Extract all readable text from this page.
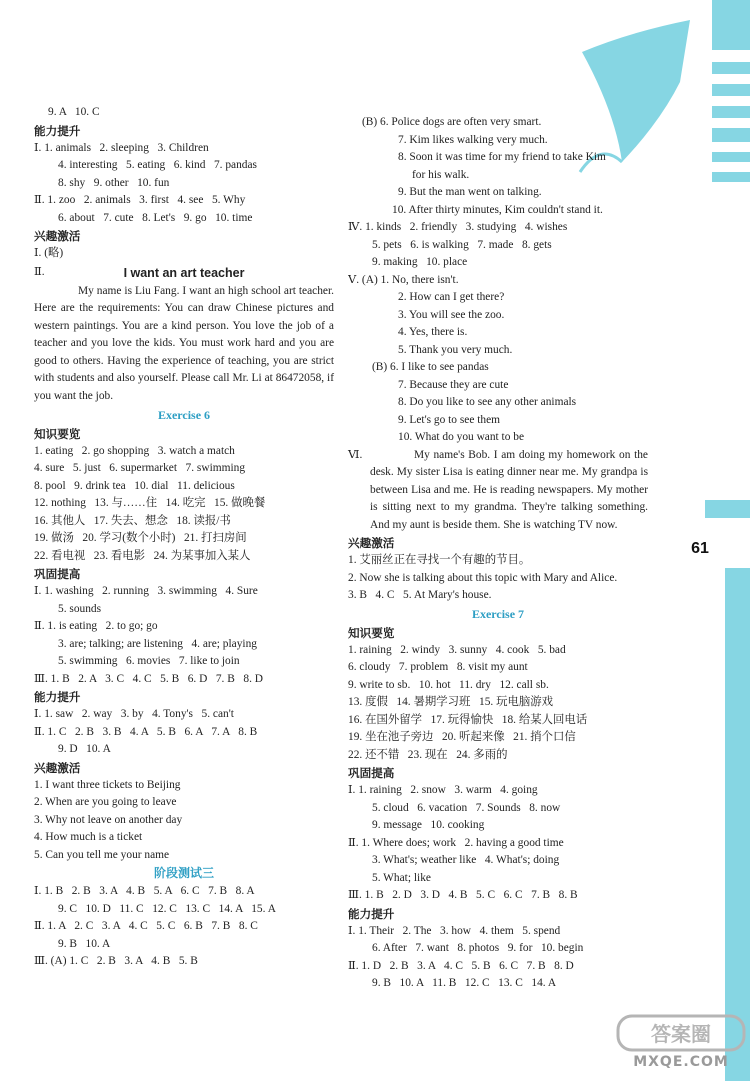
61
9. A   10. C
能力提升
Ⅰ. 1. animals   2. sleeping   3. Children
4. interesting   5. eating   6. kind   7. pandas
8. shy   9. other   10. fun
Ⅱ. 1. zoo   2. animals   3. first   4. see   5. Why
6. about   7. cute   8. Let's   9. go   10. time
兴趣激活
Ⅰ. (略)
Ⅱ.	I want an art teacher
My name is Liu Fang. I want an high school art teacher. Here are the requirements: You can draw Chinese pictures and western paintings. You are a kind person. You love the job of a teacher and you love the kids. You must work hard and you are good to others. Having the experience of teaching, you are strict with students and also yourself. Please call Mr. Li at 86472058, if you want the job.
Exercise 6
知识要览
1. eating   2. go shopping   3. watch a match
4. sure   5. just   6. supermarket   7. swimming
8. pool   9. drink tea   10. dial   11. delicious
12. nothing   13. 与……住   14. 吃完   15. 做晚餐
16. 其他人   17. 失去、想念   18. 读报/书
19. 做汤   20. 学习(数个小时)   21. 打扫房间
22. 看电视   23. 看电影   24. 为某事加入某人
巩固提高
Ⅰ. 1. washing   2. running   3. swimming   4. Sure
5. sounds
Ⅱ. 1. is eating   2. to go; go
3. are; talking; are listening   4. are; playing
5. swimming   6. movies   7. like to join
Ⅲ. 1. B   2. A   3. C   4. C   5. B   6. D   7. B   8. D
能力提升
Ⅰ. 1. saw   2. way   3. by   4. Tony's   5. can't
Ⅱ. 1. C   2. B   3. B   4. A   5. B   6. A   7. A   8. B
9. D   10. A
兴趣激活
1. I want three tickets to Beijing
2. When are you going to leave
3. Why not leave on another day
4. How much is a ticket
5. Can you tell me your name
阶段测试三
Ⅰ. 1. B   2. B   3. A   4. B   5. A   6. C   7. B   8. A
9. C   10. D   11. C   12. C   13. C   14. A   15. A
Ⅱ. 1. A   2. C   3. A   4. C   5. C   6. B   7. B   8. C
9. B   10. A
Ⅲ. (A) 1. C   2. B   3. A   4. B   5. B
(B) 6. Police dogs are often very smart.
7. Kim likes walking very much.
8. Soon it was time for my friend to take Kim
for his walk.
9. But the man went on talking.
10. After thirty minutes, Kim couldn't stand it.
Ⅳ. 1. kinds   2. friendly   3. studying   4. wishes
5. pets   6. is walking   7. made   8. gets
9. making   10. place
Ⅴ. (A) 1. No, there isn't.
2. How can I get there?
3. You will see the zoo.
4. Yes, there is.
5. Thank you very much.
(B) 6. I like to see pandas
7. Because they are cute
8. Do you like to see any other animals
9. Let's go to see them
10. What do you want to be
Ⅵ.	My name's Bob. I am doing my homework on the desk. My sister Lisa is eating dinner near me. My grandpa is between Lisa and me. He is reading newspapers. My mother is sitting next to my grandma. They're talking something. And my aunt is beside them. She is watching TV now.
兴趣激活
1. 艾丽丝正在寻找一个有趣的节目。
2. Now she is talking about this topic with Mary and Alice.
3. B   4. C   5. At Mary's house.
Exercise 7
知识要览
1. raining   2. windy   3. sunny   4. cook   5. bad
6. cloudy   7. problem   8. visit my aunt
9. write to sb.   10. hot   11. dry   12. call sb.
13. 度假   14. 暑期学习班   15. 玩电脑游戏
16. 在国外留学   17. 玩得愉快   18. 给某人回电话
19. 坐在池子旁边   20. 听起来像   21. 捎个口信
22. 还不错   23. 现在   24. 多雨的
巩固提高
Ⅰ. 1. raining   2. snow   3. warm   4. going
5. cloud   6. vacation   7. Sounds   8. now
9. message   10. cooking
Ⅱ. 1. Where does; work   2. having a good time
3. What's; weather like   4. What's; doing
5. What; like
Ⅲ. 1. B   2. D   3. D   4. B   5. C   6. C   7. B   8. B
能力提升
Ⅰ. 1. Their   2. The   3. how   4. them   5. spend
6. After   7. want   8. photos   9. for   10. begin
Ⅱ. 1. D   2. B   3. A   4. C   5. B   6. C   7. B   8. D
9. B   10. A   11. B   12. C   13. C   14. A
答案圈
MXQE.COM
